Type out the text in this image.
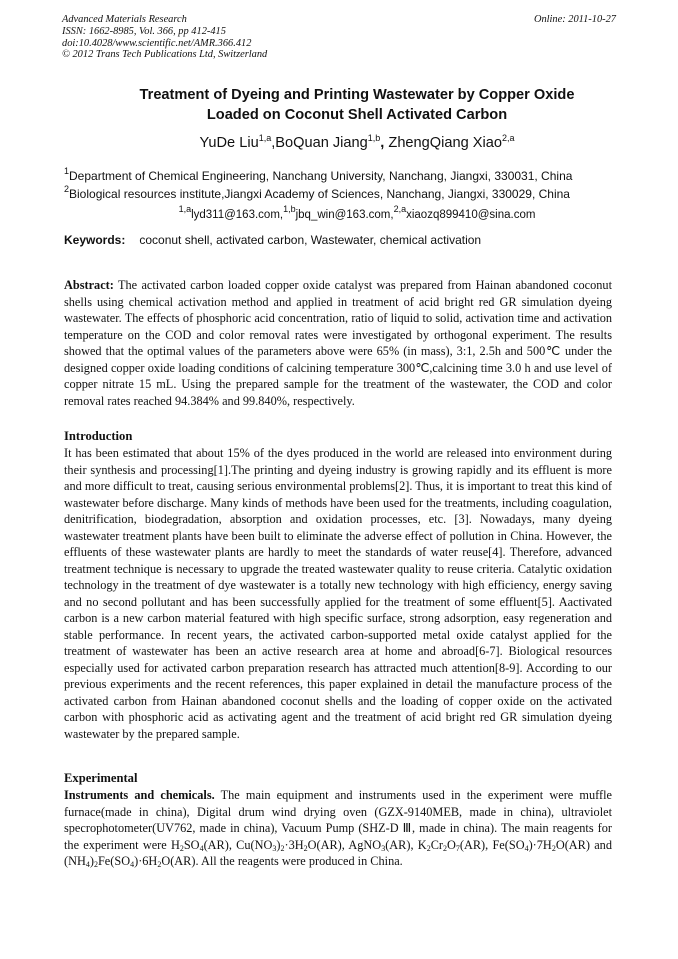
Advanced Materials Research
ISSN: 1662-8985, Vol. 366, pp 412-415
doi:10.4028/www.scientific.net/AMR.366.412
© 2012 Trans Tech Publications Ltd, Switzerland
Online: 2011-10-27
Treatment of Dyeing and Printing Wastewater by Copper Oxide
Loaded on Coconut Shell Activated Carbon
YuDe Liu$^{1,a}$,BoQuan Jiang$^{1,b}$, ZhengQiang Xiao$^{2,a}$
$^1$Department of Chemical Engineering, Nanchang University, Nanchang, Jiangxi, 330031, China
$^2$Biological resources institute,Jiangxi Academy of Sciences, Nanchang, Jiangxi, 330029, China
$^{1,a}$lyd311@163.com,$^{1,b}$jbq_win@163.com,$^{2,a}$xiaozq899410@sina.com
Keywords: coconut shell, activated carbon, Wastewater, chemical activation

Abstract: The activated carbon loaded copper oxide catalyst was prepared from Hainan abandoned coconut shells using chemical activation method and applied in treatment of acid bright red GR simulation dyeing wastewater. The effects of phosphoric acid concentration, ratio of liquid to solid, activation time and activation temperature on the COD and color removal rates were investigated by orthogonal experiment. The results showed that the optimal values of the parameters above were 65% (in mass), 3:1, 2.5h and 500℃ under the designed copper oxide loading conditions of calcining temperature 300℃,calcining time 3.0 h and use level of copper nitrate 15 mL. Using the prepared sample for the treatment of the wastewater, the COD and color removal rates reached 94.384% and 99.840%, respectively.

Introduction

It has been estimated that about 15% of the dyes produced in the world are released into environment during their synthesis and processing[1].The printing and dyeing industry is growing rapidly and its effluent is more and more difficult to treat, causing serious environmental problems[2]. Thus, it is important to treat this kind of wastewater before discharge. Many kinds of methods have been used for the treatments, including coagulation, denitrification, biodegradation, absorption and oxidation processes, etc. [3]. Nowadays, many dyeing wastewater treatment plants have been built to eliminate the adverse effect of pollution in China. However, the effluents of these wastewater plants are hardly to meet the standards of water reuse[4]. Therefore, advanced treatment technique is necessary to upgrade the treated wastewater quality to reuse criteria. Catalytic oxidation technology in the treatment of dye wastewater is a totally new technology with high efficiency, energy saving and no second pollutant and has been successfully applied for the treatment of some effluent[5]. Aactivated carbon is a new carbon material featured with high specific surface, strong adsorption, easy regeneration and stable performance. In recent years, the activated carbon-supported metal oxide catalyst applied for the treatment of wastewater has been an active research area at home and abroad[6-7]. Biological resources especially used for activated carbon preparation research has attracted much attention[8-9]. According to our previous experiments and the recent references, this paper explained in detail the manufacture process of the activated carbon from Hainan abandoned coconut shells and the loading of copper oxide on the activated carbon with phosphoric acid as activating agent and the treatment of acid bright red GR simulation dyeing wastewater by the prepared sample.

Experimental

Instruments and chemicals. The main equipment and instruments used in the experiment were muffle furnace(made in china), Digital drum wind drying oven (GZX-9140MEB, made in china), ultraviolet specrophotometer(UV762, made in china), Vacuum Pump (SHZ-D Ⅲ, made in china). The main reagents for the experiment were $H_2SO_4(AR)$, $Cu(NO_3)_2\cdot 3H_2O(AR)$, AgNO$_3$(AR), $K_2Cr_2O_7(AR)$, $Fe(SO_4)\cdot 7H_2O(AR)$ and $(NH_4)_2Fe(SO_4)\cdot 6H_2O(AR)$. All the reagents were produced in China.
